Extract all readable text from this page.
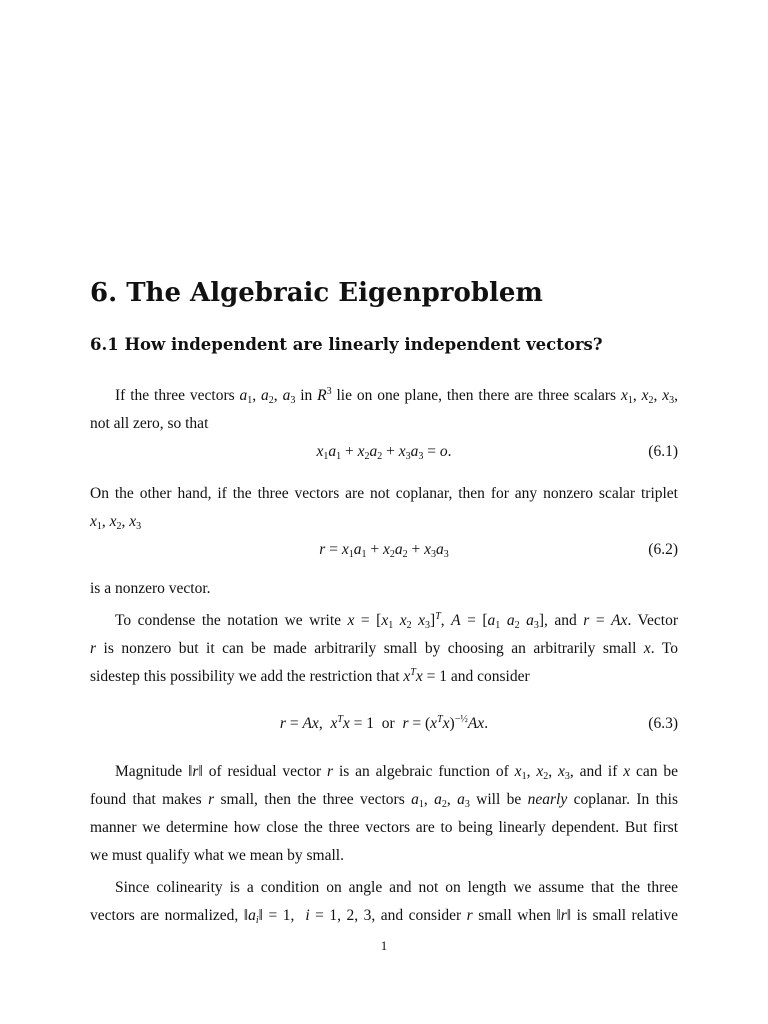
6. The Algebraic Eigenproblem
6.1 How independent are linearly independent vectors?
If the three vectors $a_1$, $a_2$, $a_3$ in $R^3$ lie on one plane, then there are three scalars $x_1$, $x_2$, $x_3$,
not all zero, so that
$x_1a_1 + x_2a_2 + x_3a_3 = o$.	(6.1)
On the other hand, if the three vectors are not coplanar, then for any nonzero scalar triplet
$x_1$, $x_2$, $x_3$
$r = x_1a_1 + x_2a_2 + x_3a_3$	(6.2)
is a nonzero vector.
To condense the notation we write $x = [x_1$ $x_2$ $x_3]^T$, $A = [a_1$ $a_2$ $a_3$], and r = Ax. Vector
r is nonzero but it can be made arbitrarily small by choosing an arbitrarily small x. To
sidestep this possibility we add the restriction that $x^Tx = 1$ and consider
r = Ax,  $x^Tx = 1$  or $r = (x^Tx)^{-\frac{1}{2}}Ax$.	(6.3)
Magnitude ‖r‖ of residual vector r is an algebraic function of $x_1$, $x_2$, $x_3$, and if x can be
found that makes r small, then the three vectors $a_1$, $a_2$, $a_3$ will be nearly coplanar. In this
manner we determine how close the three vectors are to being linearly dependent. But first
we must qualify what we mean by small.
Since colinearity is a condition on angle and not on length we assume that the three
vectors are normalized, $‖a_i‖ = 1$,  i = 1, 2, 3, and consider r small when ‖r‖ is small relative
1
